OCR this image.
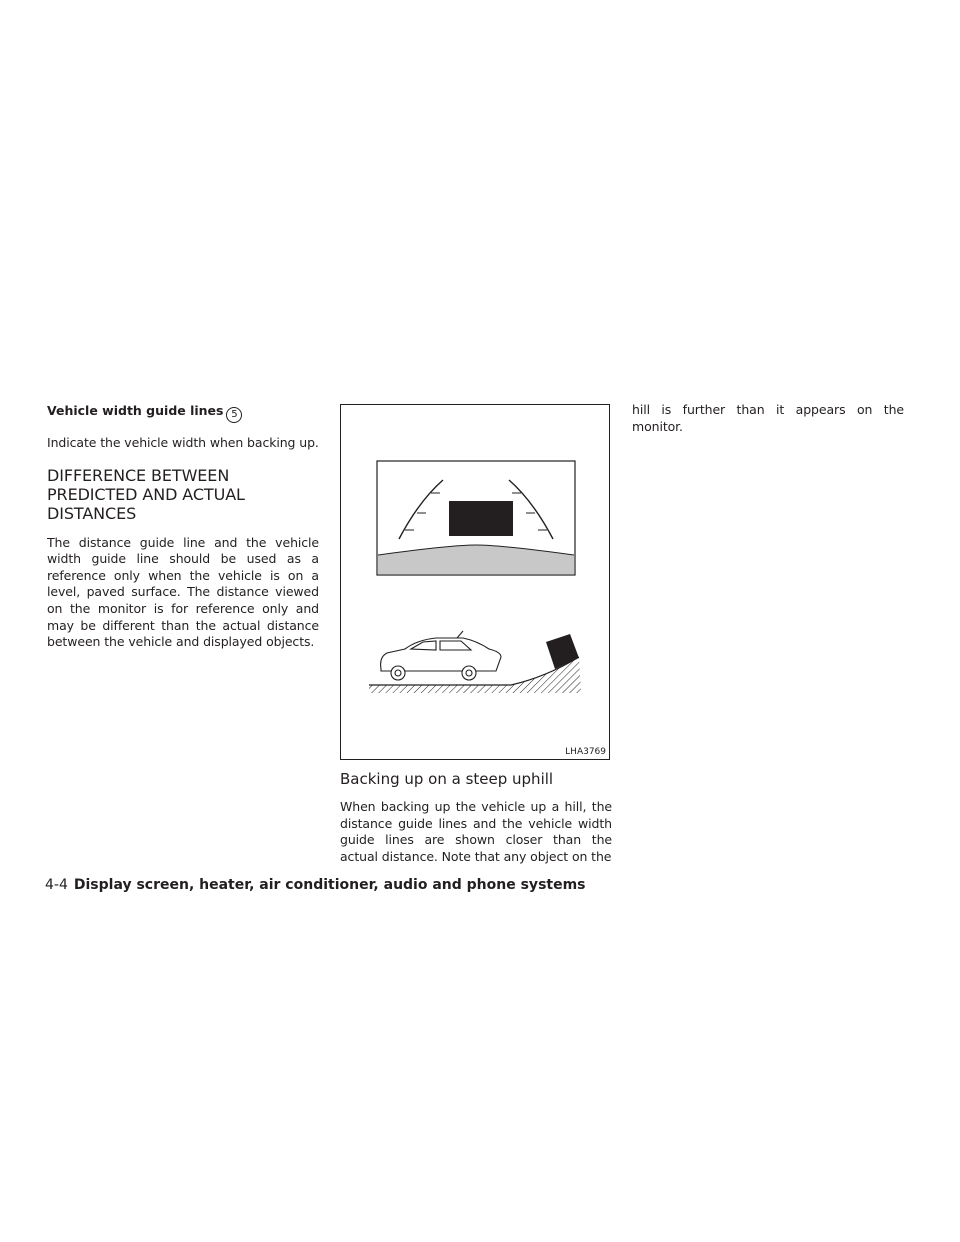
Vehicle width guide lines 5

Indicate the vehicle width when backing up.

DIFFERENCE BETWEEN PREDICTED AND ACTUAL DISTANCES

The distance guide line and the vehicle width guide line should be used as a reference only when the vehicle is on a level, paved surface. The distance viewed on the monitor is for reference only and may be different than the actual distance between the vehicle and displayed objects.

LHA3769
Backing up on a steep uphill

When backing up the vehicle up a hill, the distance guide lines and the vehicle width guide lines are shown closer than the actual distance. Note that any object on the

hill is further than it appears on the monitor.

4-4 Display screen, heater, air conditioner, audio and phone systems
